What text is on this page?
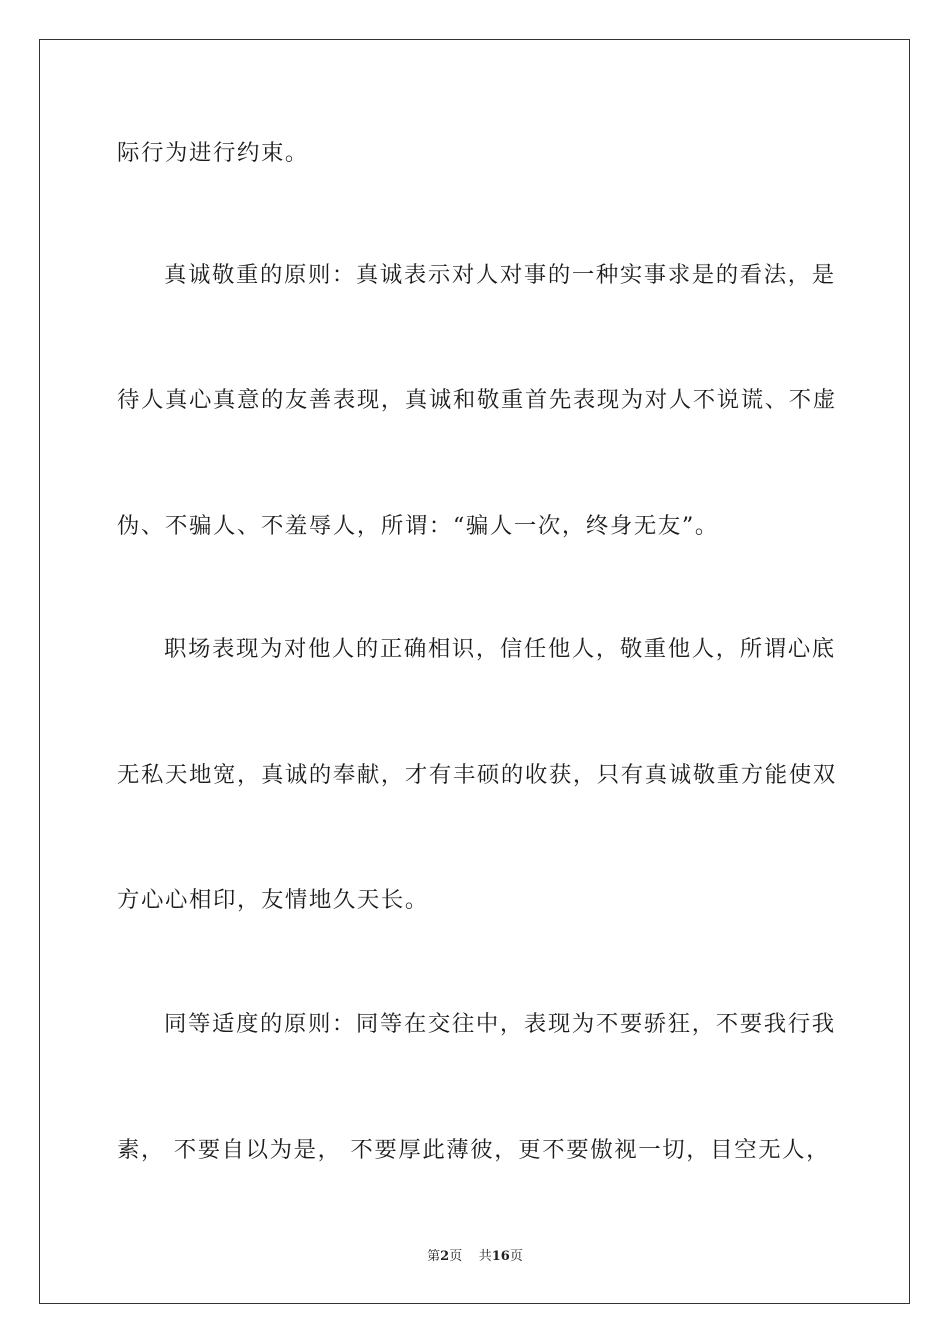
际行为进行约束。
真诚敬重的原则：真诚表示对人对事的一种实事求是的看法，是
待人真心真意的友善表现，真诚和敬重首先表现为对人不说谎、不虚
伪、不骗人、不羞辱人，所谓：“骗人一次，终身无友”。
职场表现为对他人的正确相识，信任他人，敬重他人，所谓心底
无私天地宽，真诚的奉献，才有丰硕的收获，只有真诚敬重方能使双
方心心相印，友情地久天长。
同等适度的原则：同等在交往中，表现为不要骄狂，不要我行我
素， 不要自以为是， 不要厚此薄彼，更不要傲视一切，目空无人，
第2页    共16页
